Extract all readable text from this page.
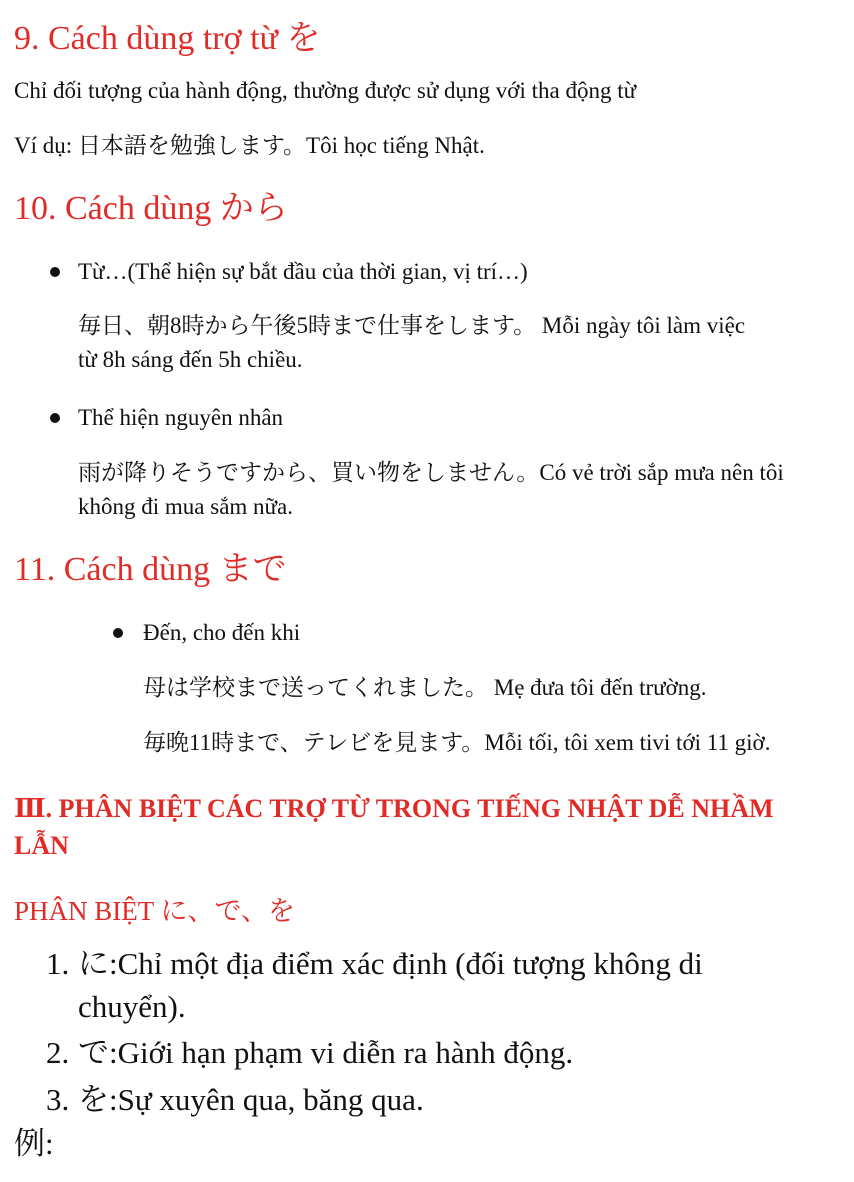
9. Cách dùng trợ từ を
Chỉ đối tượng của hành động, thường được sử dụng với tha động từ
Ví dụ: 日本語を勉強します。Tôi học tiếng Nhật.
10. Cách dùng から
Từ…(Thể hiện sự bắt đầu của thời gian, vị trí…)
毎日、朝8時から午後5時まで仕事をします。 Mỗi ngày tôi làm việc
từ 8h sáng đến 5h chiều.
Thể hiện nguyên nhân
雨が降りそうですから、買い物をしません。Có vẻ trời sắp mưa nên tôi
không đi mua sắm nữa.
11. Cách dùng まで
Đến, cho đến khi
母は学校まで送ってくれました。 Mẹ đưa tôi đến trường.
毎晩11時まで、テレビを見ます。Mỗi tối, tôi xem tivi tới 11 giờ.
Ⅲ. PHÂN BIỆT CÁC TRỢ TỪ TRONG TIẾNG NHẬT DỄ NHẦM
LẪN
PHÂN BIỆT に、で、を
1. に:Chỉ một địa điểm xác định (đối tượng không di
chuyển).
2. で:Giới hạn phạm vi diễn ra hành động.
3. を:Sự xuyên qua, băng qua.
例:
